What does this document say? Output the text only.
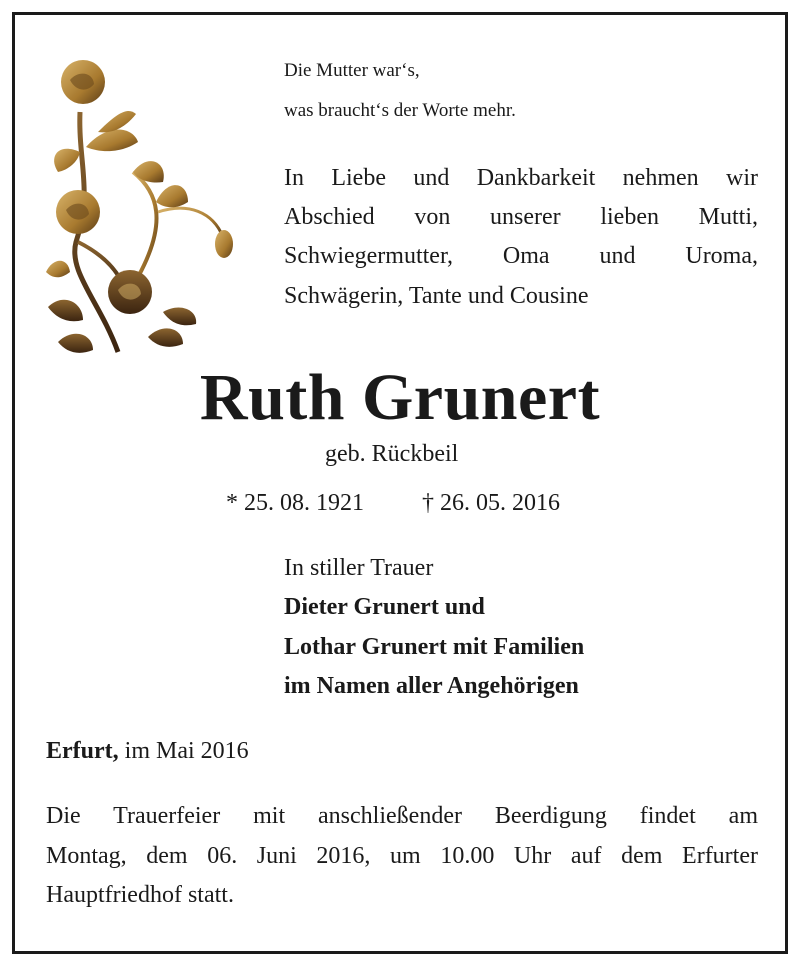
Die Mutter war‘s,
was braucht‘s der Worte mehr.
In Liebe und Dankbarkeit nehmen wir
Abschied von unserer lieben Mutti,
Schwiegermutter, Oma und Uroma,
Schwägerin, Tante und Cousine
Ruth Grunert
geb. Rückbeil
* 25. 08. 1921 † 26. 05. 2016
In stiller Trauer
Dieter Grunert und
Lothar Grunert mit Familien
im Namen aller Angehörigen
Erfurt, im Mai 2016
Die Trauerfeier mit anschließender Beerdigung findet am
Montag, dem 06. Juni 2016, um 10.00 Uhr auf dem Erfurter
Hauptfriedhof statt.
